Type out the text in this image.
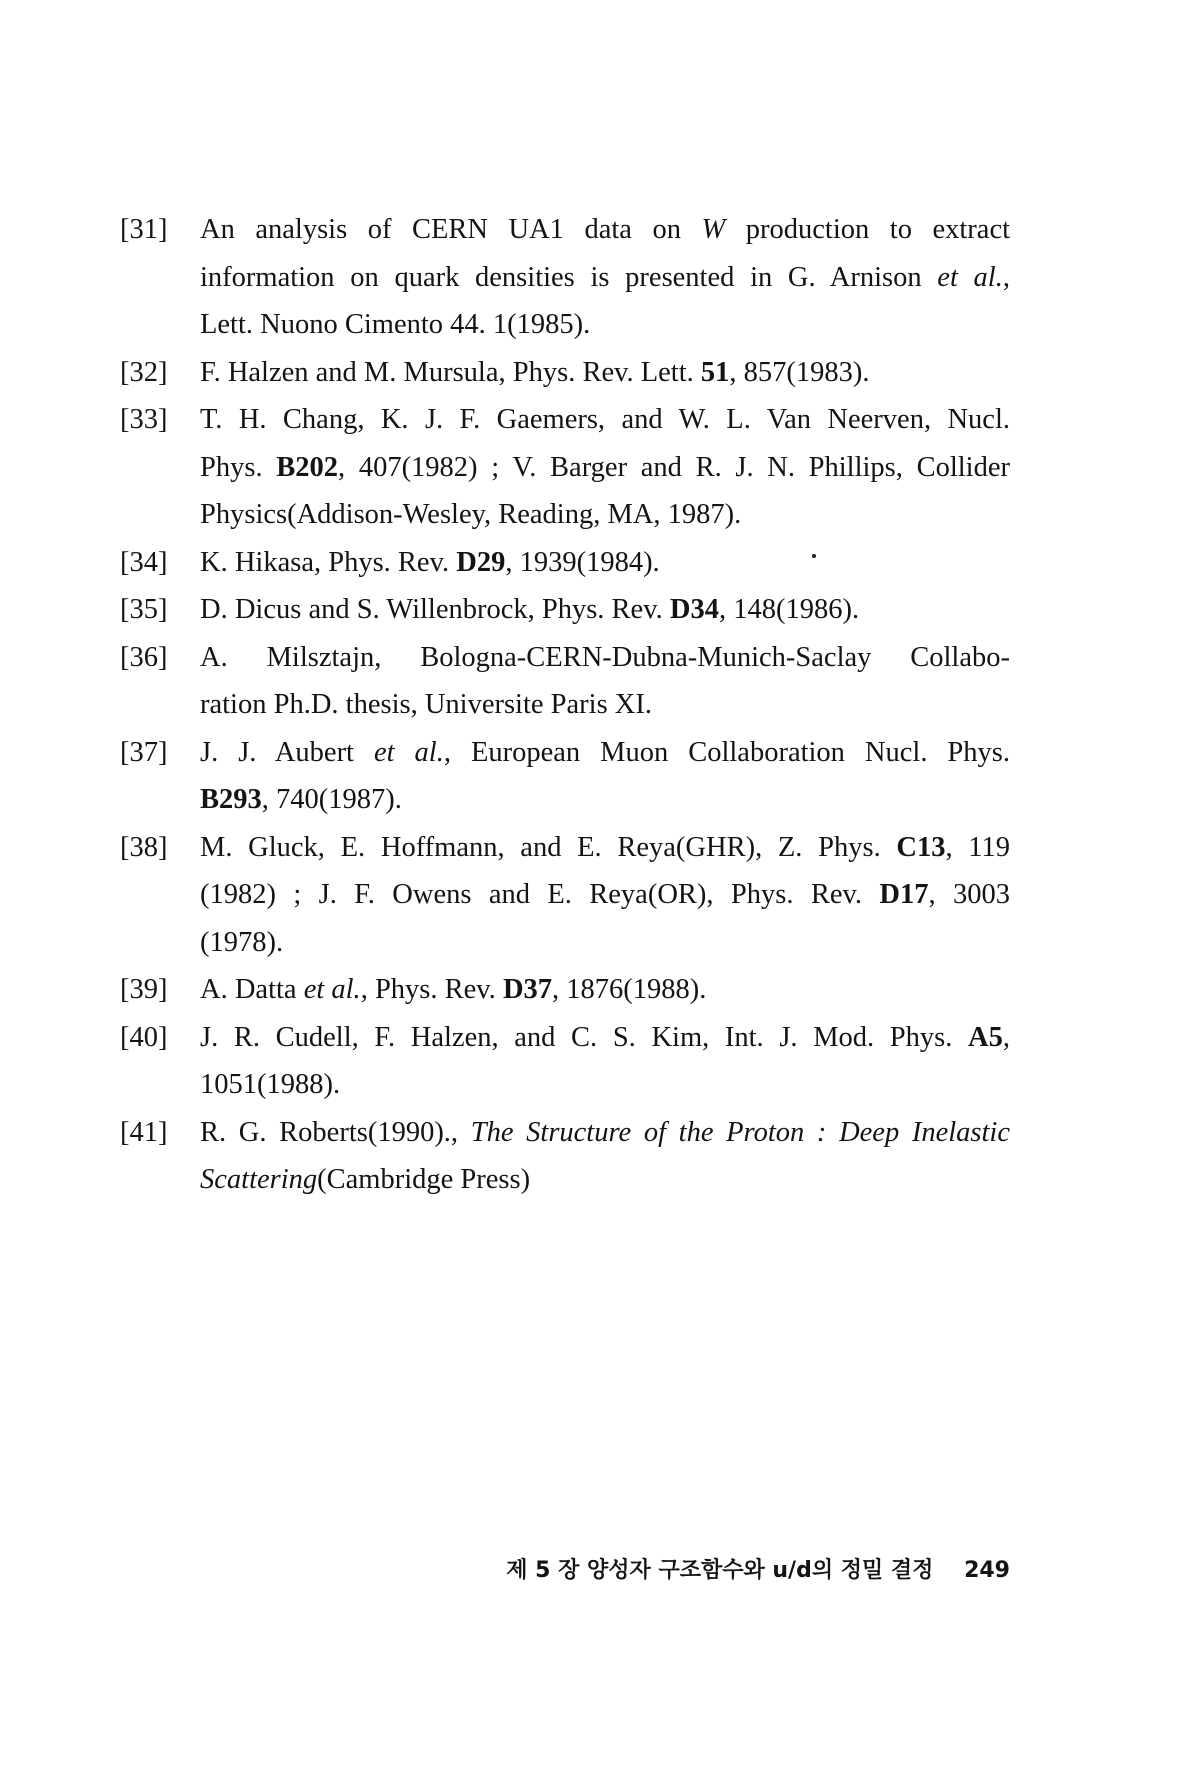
[31] An analysis of CERN UA1 data on W production to extract
information on quark densities is presented in G. Arnison et al.,
Lett. Nuono Cimento 44. 1(1985).
[32] F. Halzen and M. Mursula, Phys. Rev. Lett. 51, 857(1983).
[33] T. H. Chang, K. J. F. Gaemers, and W. L. Van Neerven, Nucl.
Phys. B202, 407(1982) ; V. Barger and R. J. N. Phillips, Collider
Physics(Addison-Wesley, Reading, MA, 1987).
[34] K. Hikasa, Phys. Rev. D29, 1939(1984).
[35] D. Dicus and S. Willenbrock, Phys. Rev. D34, 148(1986).
[36] A. Milsztajn, Bologna-CERN-Dubna-Munich-Saclay Collabo-
ration Ph.D. thesis, Universite Paris XI.
[37] J. J. Aubert et al., European Muon Collaboration Nucl. Phys.
B293, 740(1987).
[38] M. Gluck, E. Hoffmann, and E. Reya(GHR), Z. Phys. C13, 119
(1982) ; J. F. Owens and E. Reya(OR), Phys. Rev. D17, 3003
(1978).
[39] A. Datta et al., Phys. Rev. D37, 1876(1988).
[40] J. R. Cudell, F. Halzen, and C. S. Kim, Int. J. Mod. Phys. A5,
1051(1988).
[41] R. G. Roberts(1990)., The Structure of the Proton : Deep Inelastic
Scattering(Cambridge Press)
제 5 장 양성자 구조함수와 u/d의 정밀 결정 249
